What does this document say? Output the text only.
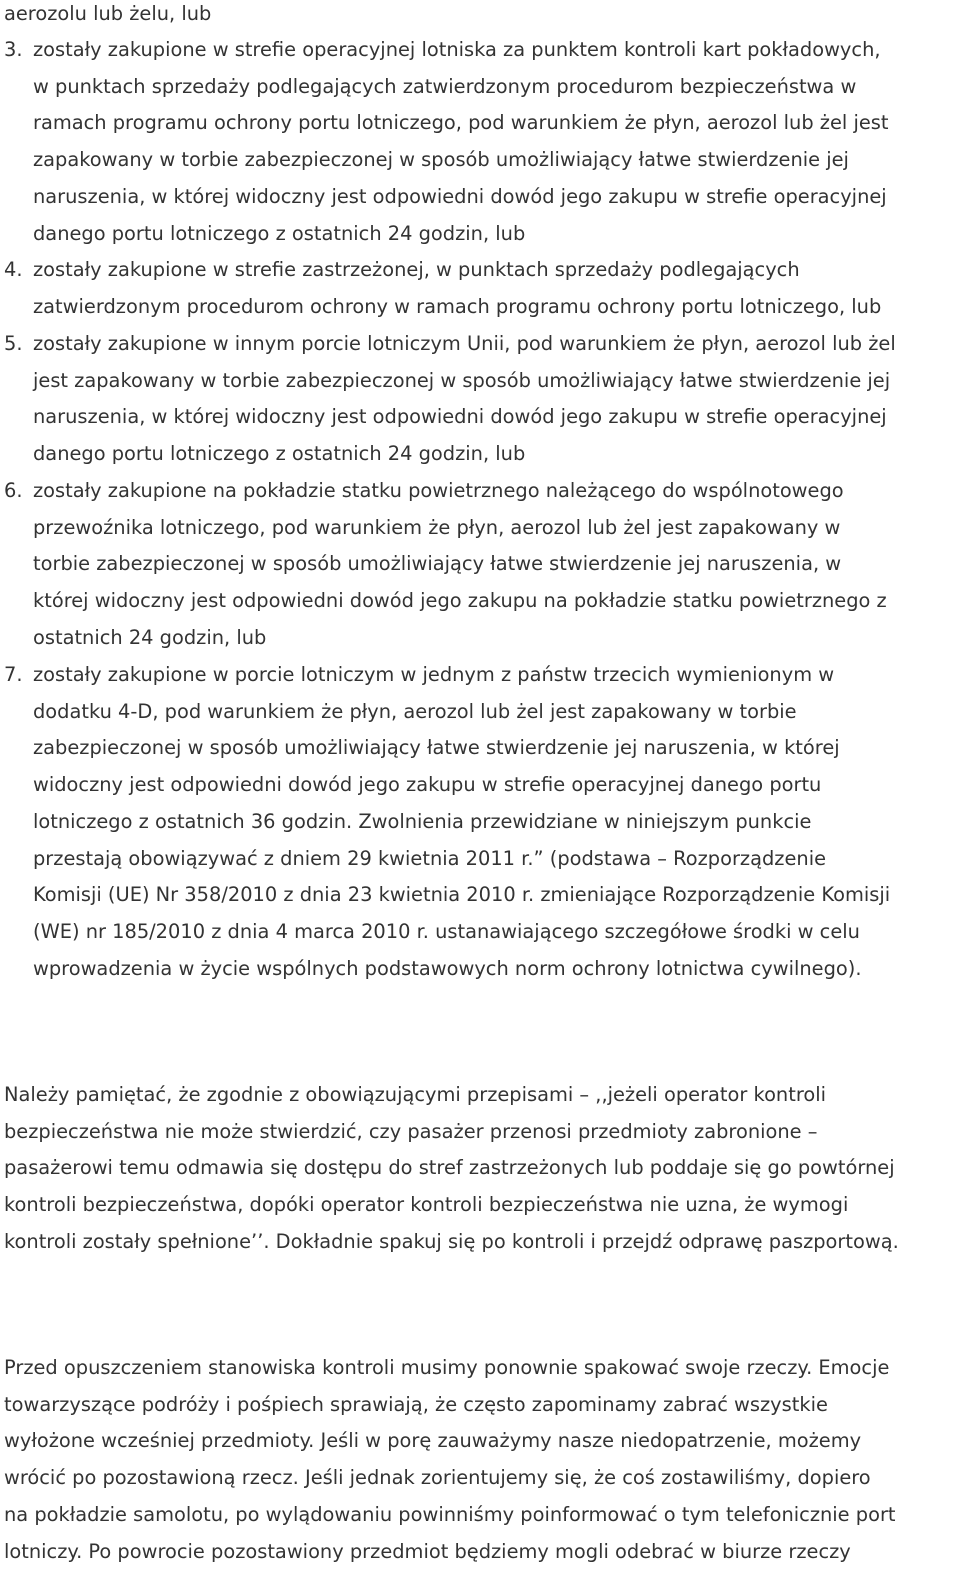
aerozolu lub żelu, lub

3. zostały zakupione w strefie operacyjnej lotniska za punktem kontroli kart pokładowych,
w punktach sprzedaży podlegających zatwierdzonym procedurom bezpieczeństwa w
ramach programu ochrony portu lotniczego, pod warunkiem że płyn, aerozol lub żel jest
zapakowany w torbie zabezpieczonej w sposób umożliwiający łatwe stwierdzenie jej
naruszenia, w której widoczny jest odpowiedni dowód jego zakupu w strefie operacyjnej
danego portu lotniczego z ostatnich 24 godzin, lub

4. zostały zakupione w strefie zastrzeżonej, w punktach sprzedaży podlegających
zatwierdzonym procedurom ochrony w ramach programu ochrony portu lotniczego, lub

5. zostały zakupione w innym porcie lotniczym Unii, pod warunkiem że płyn, aerozol lub żel
jest zapakowany w torbie zabezpieczonej w sposób umożliwiający łatwe stwierdzenie jej
naruszenia, w której widoczny jest odpowiedni dowód jego zakupu w strefie operacyjnej
danego portu lotniczego z ostatnich 24 godzin, lub

6. zostały zakupione na pokładzie statku powietrznego należącego do wspólnotowego
przewoźnika lotniczego, pod warunkiem że płyn, aerozol lub żel jest zapakowany w
torbie zabezpieczonej w sposób umożliwiający łatwe stwierdzenie jej naruszenia, w
której widoczny jest odpowiedni dowód jego zakupu na pokładzie statku powietrznego z
ostatnich 24 godzin, lub

7. zostały zakupione w porcie lotniczym w jednym z państw trzecich wymienionym w
dodatku 4-D, pod warunkiem że płyn, aerozol lub żel jest zapakowany w torbie
zabezpieczonej w sposób umożliwiający łatwe stwierdzenie jej naruszenia, w której
widoczny jest odpowiedni dowód jego zakupu w strefie operacyjnej danego portu
lotniczego z ostatnich 36 godzin. Zwolnienia przewidziane w niniejszym punkcie
przestają obowiązywać z dniem 29 kwietnia 2011 r.” (podstawa – Rozporządzenie
Komisji (UE) Nr 358/2010 z dnia 23 kwietnia 2010 r. zmieniające Rozporządzenie Komisji
(WE) nr 185/2010 z dnia 4 marca 2010 r. ustanawiającego szczegółowe środki w celu
wprowadzenia w życie wspólnych podstawowych norm ochrony lotnictwa cywilnego).

Należy pamiętać, że zgodnie z obowiązującymi przepisami – ,,jeżeli operator kontroli
bezpieczeństwa nie może stwierdzić, czy pasażer przenosi przedmioty zabronione –
pasażerowi temu odmawia się dostępu do stref zastrzeżonych lub poddaje się go powtórnej
kontroli bezpieczeństwa, dopóki operator kontroli bezpieczeństwa nie uzna, że wymogi
kontroli zostały spełnione’’. Dokładnie spakuj się po kontroli i przejdź odprawę paszportową.

Przed opuszczeniem stanowiska kontroli musimy ponownie spakować swoje rzeczy. Emocje
towarzyszące podróży i pośpiech sprawiają, że często zapominamy zabrać wszystkie
wyłożone wcześniej przedmioty. Jeśli w porę zauważymy nasze niedopatrzenie, możemy
wrócić po pozostawioną rzecz. Jeśli jednak zorientujemy się, że coś zostawiliśmy, dopiero
na pokładzie samolotu, po wylądowaniu powinniśmy poinformować o tym telefonicznie port
lotniczy. Po powrocie pozostawiony przedmiot będziemy mogli odebrać w biurze rzeczy
